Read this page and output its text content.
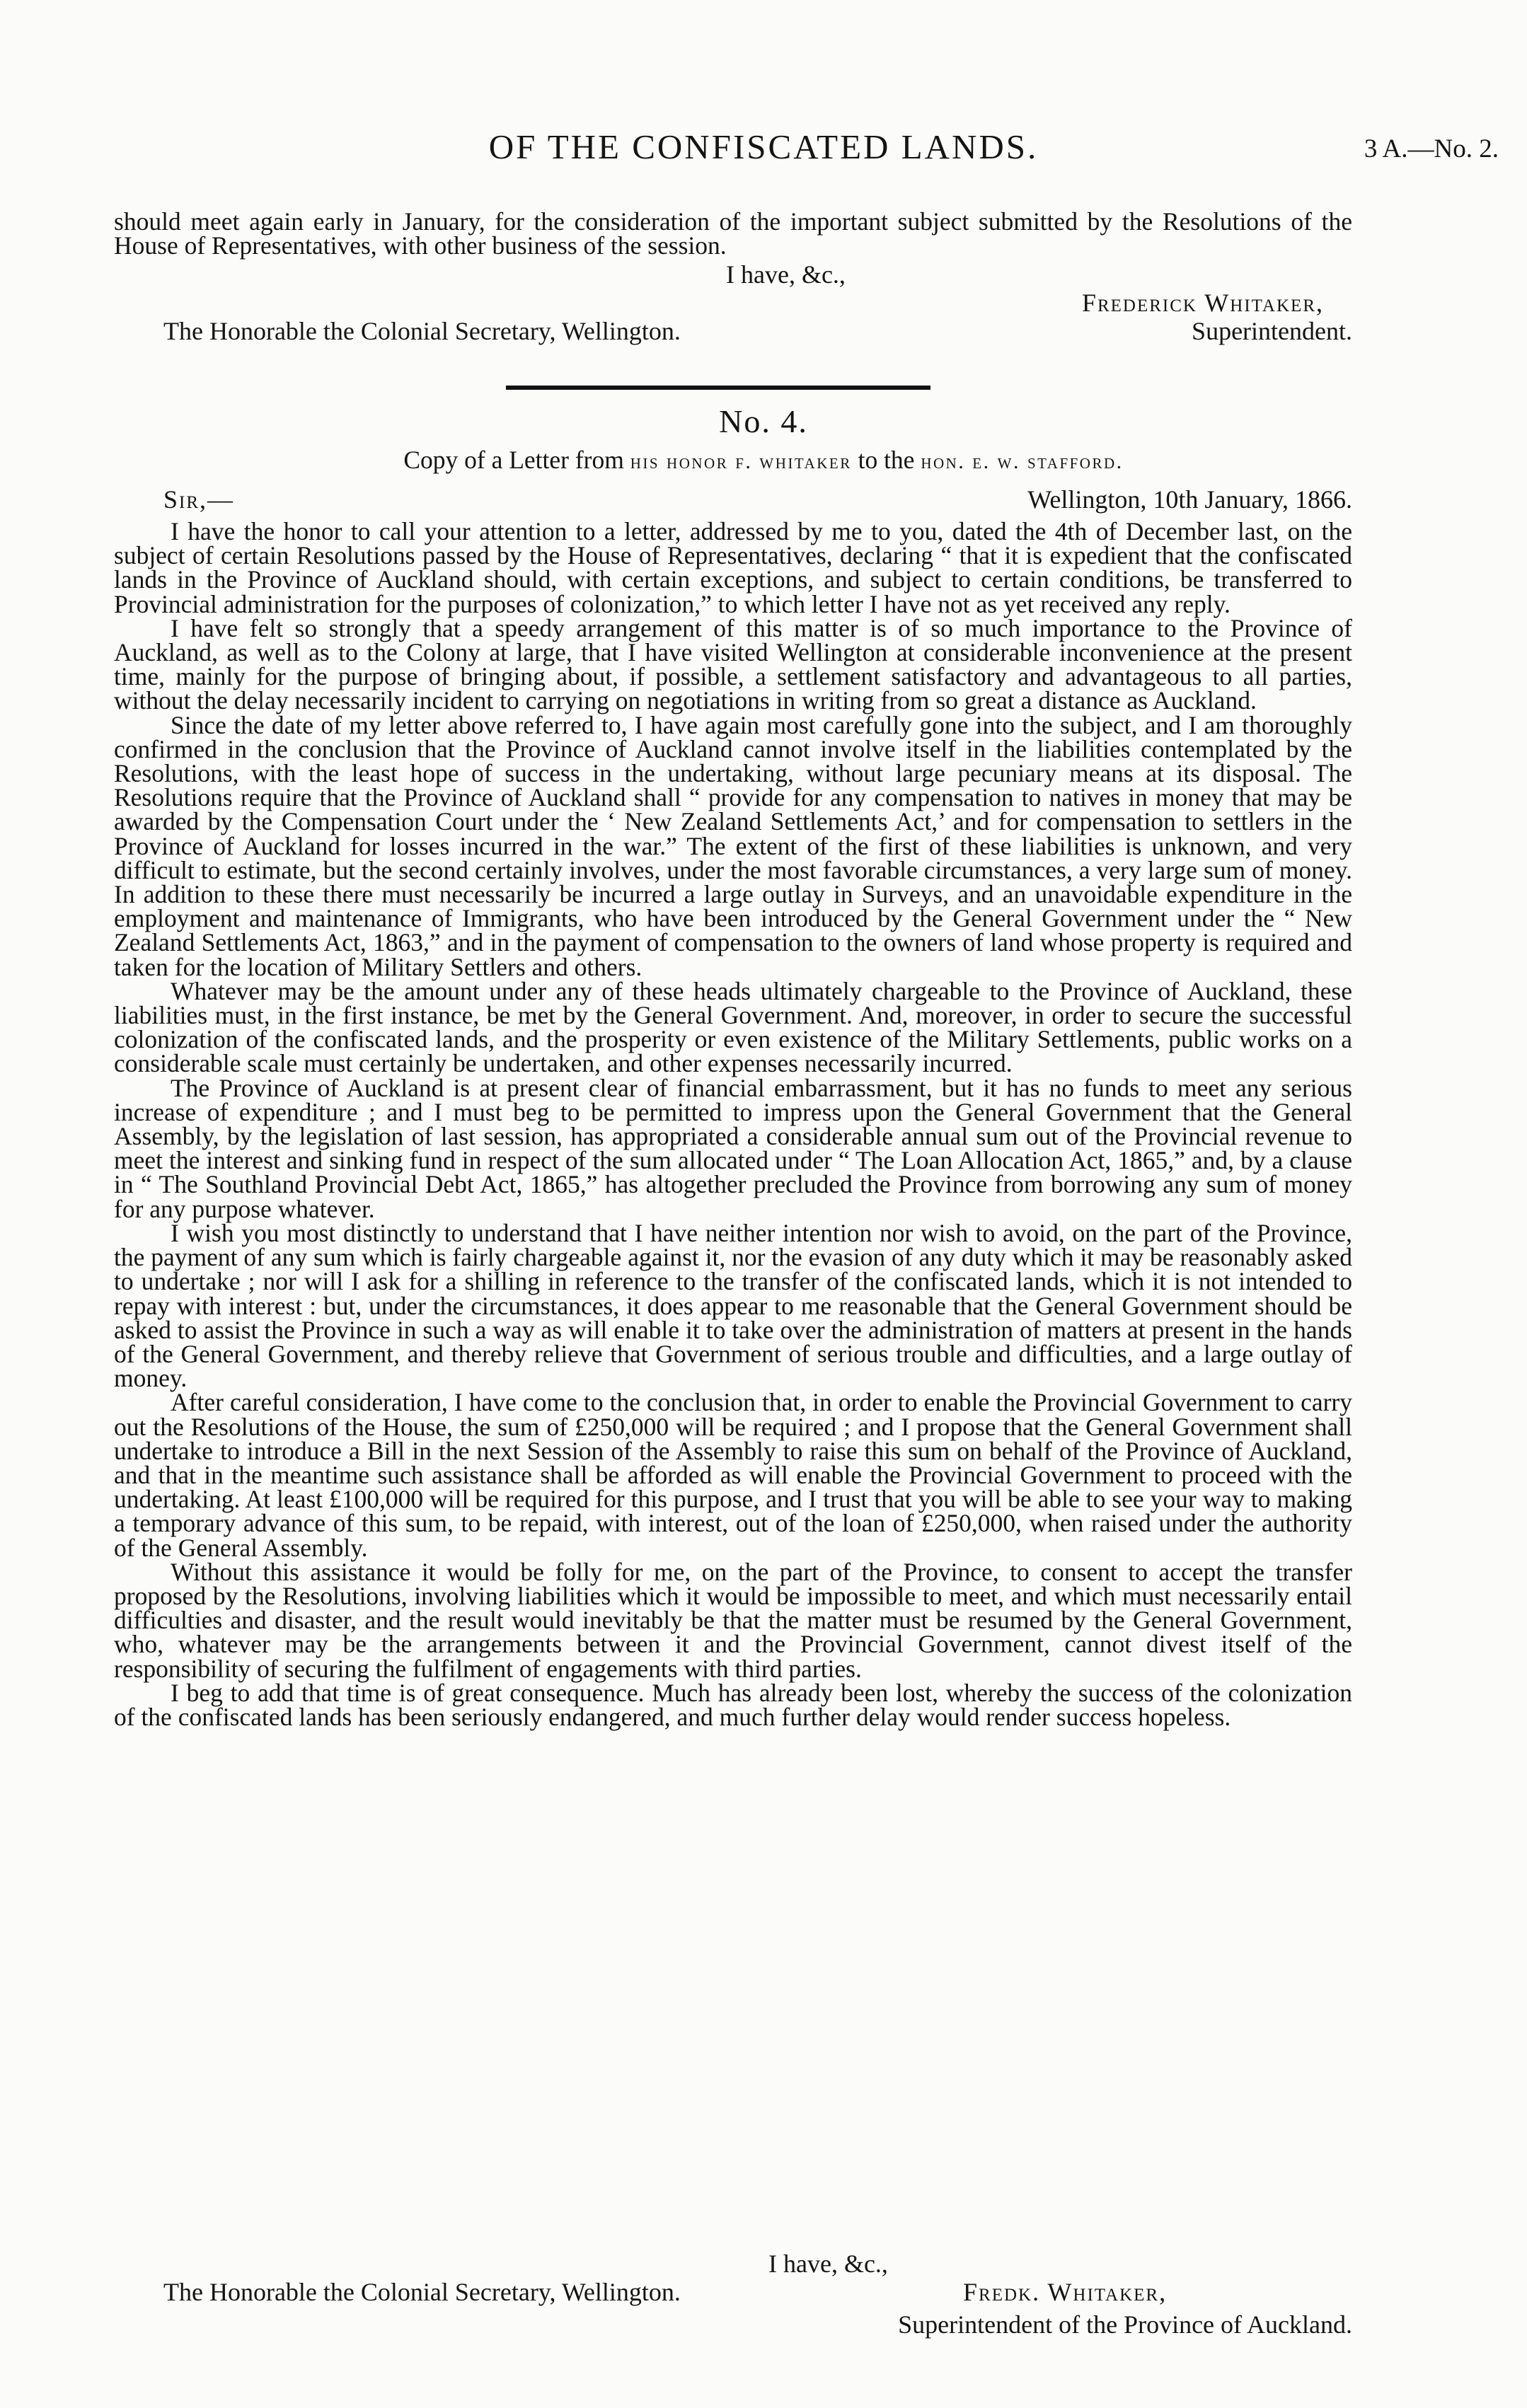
OF THE CONFISCATED LANDS.	3 A.—No. 2.

should meet again early in January, for the consideration of the important subject submitted by the Resolutions of the House of Representatives, with other business of the session.

I have, &c.,
Frederick Whitaker,
The Honorable the Colonial Secretary, Wellington.	Superintendent.
No. 4.
Copy of a Letter from his honor f. whitaker to the hon. e. w. stafford.
Sir,—	Wellington, 10th January, 1866.

I have the honor to call your attention to a letter, addressed by me to you, dated the 4th of December last, on the subject of certain Resolutions passed by the House of Representatives, declaring “ that it is expedient that the confiscated lands in the Province of Auckland should, with certain exceptions, and subject to certain conditions, be transferred to Provincial administration for the purposes of colonization,” to which letter I have not as yet received any reply.

I have felt so strongly that a speedy arrangement of this matter is of so much importance to the Province of Auckland, as well as to the Colony at large, that I have visited Wellington at considerable inconvenience at the present time, mainly for the purpose of bringing about, if possible, a settlement satisfactory and advantageous to all parties, without the delay necessarily incident to carrying on negotiations in writing from so great a distance as Auckland.

Since the date of my letter above referred to, I have again most carefully gone into the subject, and I am thoroughly confirmed in the conclusion that the Province of Auckland cannot involve itself in the liabilities contemplated by the Resolutions, with the least hope of success in the undertaking, without large pecuniary means at its disposal. The Resolutions require that the Province of Auckland shall “ provide for any compensation to natives in money that may be awarded by the Compensation Court under the ‘ New Zealand Settlements Act,’ and for compensation to settlers in the Province of Auckland for losses incurred in the war.” The extent of the first of these liabilities is unknown, and very difficult to estimate, but the second certainly involves, under the most favorable circumstances, a very large sum of money. In addition to these there must necessarily be incurred a large outlay in Surveys, and an unavoidable expenditure in the employment and maintenance of Immigrants, who have been introduced by the General Government under the “ New Zealand Settlements Act, 1863,” and in the payment of compensation to the owners of land whose property is required and taken for the location of Military Settlers and others.

Whatever may be the amount under any of these heads ultimately chargeable to the Province of Auckland, these liabilities must, in the first instance, be met by the General Government. And, moreover, in order to secure the successful colonization of the confiscated lands, and the prosperity or even existence of the Military Settlements, public works on a considerable scale must certainly be undertaken, and other expenses necessarily incurred.

The Province of Auckland is at present clear of financial embarrassment, but it has no funds to meet any serious increase of expenditure ; and I must beg to be permitted to impress upon the General Government that the General Assembly, by the legislation of last session, has appropriated a considerable annual sum out of the Provincial revenue to meet the interest and sinking fund in respect of the sum allocated under “ The Loan Allocation Act, 1865,” and, by a clause in “ The Southland Provincial Debt Act, 1865,” has altogether precluded the Province from borrowing any sum of money for any purpose whatever.

I wish you most distinctly to understand that I have neither intention nor wish to avoid, on the part of the Province, the payment of any sum which is fairly chargeable against it, nor the evasion of any duty which it may be reasonably asked to undertake ; nor will I ask for a shilling in reference to the transfer of the confiscated lands, which it is not intended to repay with interest : but, under the circumstances, it does appear to me reasonable that the General Government should be asked to assist the Province in such a way as will enable it to take over the administration of matters at present in the hands of the General Government, and thereby relieve that Government of serious trouble and difficulties, and a large outlay of money.

After careful consideration, I have come to the conclusion that, in order to enable the Provincial Government to carry out the Resolutions of the House, the sum of £250,000 will be required ; and I propose that the General Government shall undertake to introduce a Bill in the next Session of the Assembly to raise this sum on behalf of the Province of Auckland, and that in the meantime such assistance shall be afforded as will enable the Provincial Government to proceed with the undertaking. At least £100,000 will be required for this purpose, and I trust that you will be able to see your way to making a temporary advance of this sum, to be repaid, with interest, out of the loan of £250,000, when raised under the authority of the General Assembly.

Without this assistance it would be folly for me, on the part of the Province, to consent to accept the transfer proposed by the Resolutions, involving liabilities which it would be impossible to meet, and which must necessarily entail difficulties and disaster, and the result would inevitably be that the matter must be resumed by the General Government, who, whatever may be the arrangements between it and the Provincial Government, cannot divest itself of the responsibility of securing the fulfilment of engagements with third parties.

I beg to add that time is of great consequence. Much has already been lost, whereby the success of the colonization of the confiscated lands has been seriously endangered, and much further delay would render success hopeless.

I have, &c.,
The Honorable the Colonial Secretary, Wellington.	Fredk. Whitaker,
Superintendent of the Province of Auckland.
